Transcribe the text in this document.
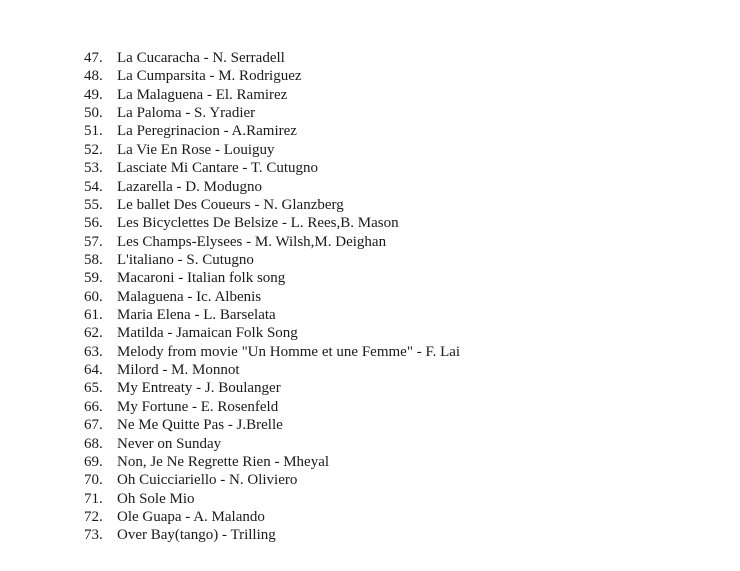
47. La Cucaracha - N. Serradell
48. La Cumparsita - M. Rodriguez
49. La Malaguena - El. Ramirez
50. La Paloma - S. Yradier
51. La Peregrinacion - A.Ramirez
52. La Vie En Rose - Louiguy
53. Lasciate Mi Cantare - T. Cutugno
54. Lazarella - D. Modugno
55. Le ballet Des Coueurs - N. Glanzberg
56. Les Bicyclettes De Belsize - L. Rees,B. Mason
57. Les Champs-Elysees - M. Wilsh,M. Deighan
58. L'italiano - S. Cutugno
59. Macaroni - Italian folk song
60. Malaguena - Ic. Albenis
61. Maria Elena - L. Barselata
62. Matilda - Jamaican Folk Song
63. Melody from movie "Un Homme et une Femme" - F. Lai
64. Milord - M. Monnot
65. My Entreaty - J. Boulanger
66. My Fortune - E. Rosenfeld
67. Ne Me Quitte Pas - J.Brelle
68. Never on Sunday
69. Non, Je Ne Regrette Rien - Mheyal
70. Oh Cuicciariello - N. Oliviero
71. Oh Sole Mio
72. Ole Guapa - A. Malando
73. Over Bay(tango) - Trilling
